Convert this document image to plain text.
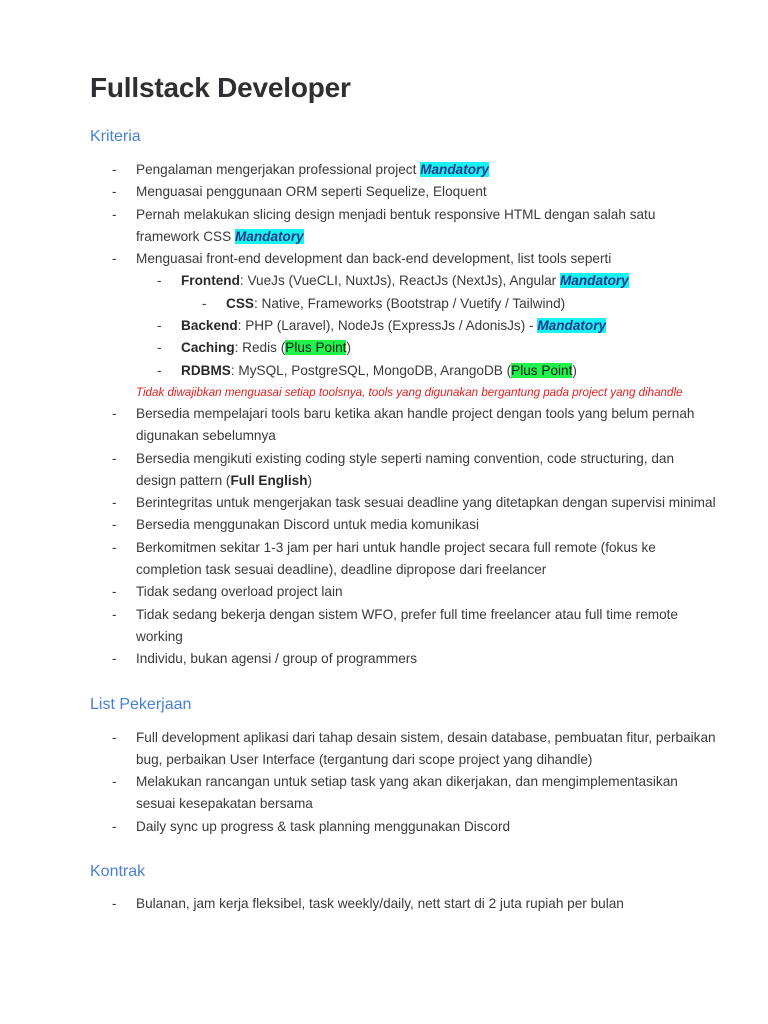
Fullstack Developer
Kriteria
- Pengalaman mengerjakan professional project Mandatory
- Menguasai penggunaan ORM seperti Sequelize, Eloquent
- Pernah melakukan slicing design menjadi bentuk responsive HTML dengan salah satu framework CSS Mandatory
- Menguasai front-end development dan back-end development, list tools seperti
- Frontend: VueJs (VueCLI, NuxtJs), ReactJs (NextJs), Angular Mandatory
- CSS: Native, Frameworks (Bootstrap / Vuetify / Tailwind)
- Backend: PHP (Laravel), NodeJs (ExpressJs / AdonisJs) - Mandatory
- Caching: Redis (Plus Point)
- RDBMS: MySQL, PostgreSQL, MongoDB, ArangoDB (Plus Point)
Tidak diwajibkan menguasai setiap toolsnya, tools yang digunakan bergantung pada project yang dihandle
- Bersedia mempelajari tools baru ketika akan handle project dengan tools yang belum pernah digunakan sebelumnya
- Bersedia mengikuti existing coding style seperti naming convention, code structuring, dan design pattern (Full English)
- Berintegritas untuk mengerjakan task sesuai deadline yang ditetapkan dengan supervisi minimal
- Bersedia menggunakan Discord untuk media komunikasi
- Berkomitmen sekitar 1-3 jam per hari untuk handle project secara full remote (fokus ke completion task sesuai deadline), deadline dipropose dari freelancer
- Tidak sedang overload project lain
- Tidak sedang bekerja dengan sistem WFO, prefer full time freelancer atau full time remote working
- Individu, bukan agensi / group of programmers
List Pekerjaan
- Full development aplikasi dari tahap desain sistem, desain database, pembuatan fitur, perbaikan bug, perbaikan User Interface (tergantung dari scope project yang dihandle)
- Melakukan rancangan untuk setiap task yang akan dikerjakan, dan mengimplementasikan sesuai kesepakatan bersama
- Daily sync up progress & task planning menggunakan Discord
Kontrak
- Bulanan, jam kerja fleksibel, task weekly/daily, nett start di 2 juta rupiah per bulan
